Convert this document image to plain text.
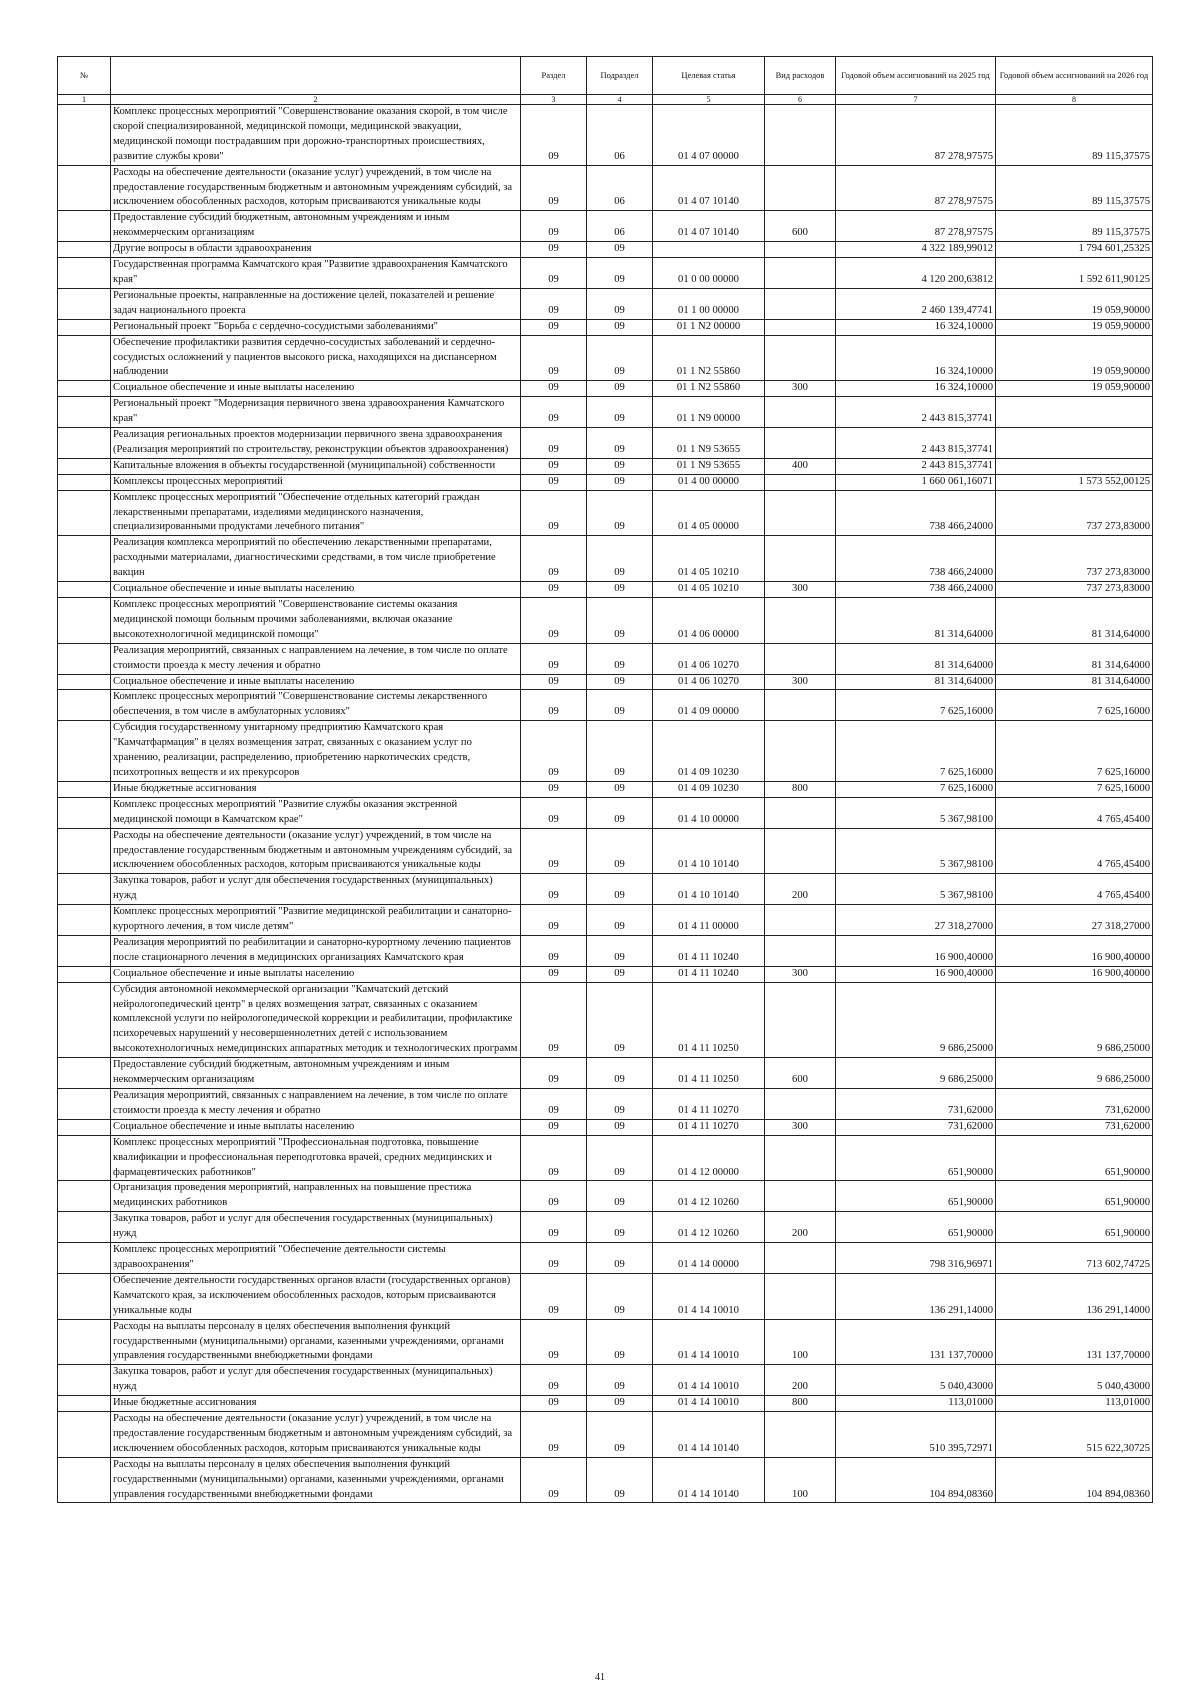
№		Раздел	Подраздел	Целевая статья	Вид расходов	Годовой объем ассигнований на 2025 год	Годовой объем ассигнований на 2026 год
1	2	3	4	5	6	7	8
	Комплекс процессных мероприятий "Совершенствование оказания скорой, в том числе скорой специализированной, медицинской помощи, медицинской эвакуации, медицинской помощи пострадавшим при дорожно-транспортных происшествиях, развитие службы крови"	09	06	01 4 07 00000		87 278,97575	89 115,37575
	Расходы на обеспечение деятельности (оказание услуг) учреждений, в том числе на предоставление государственным бюджетным и автономным учреждениям субсидий, за исключением обособленных расходов, которым присваиваются уникальные коды	09	06	01 4 07 10140		87 278,97575	89 115,37575
	Предоставление субсидий бюджетным, автономным учреждениям и иным некоммерческим организациям	09	06	01 4 07 10140	600	87 278,97575	89 115,37575
	Другие вопросы в области здравоохранения	09	09			4 322 189,99012	1 794 601,25325
	Государственная программа Камчатского края "Развитие здравоохранения Камчатского края"	09	09	01 0 00 00000		4 120 200,63812	1 592 611,90125
	Региональные проекты, направленные на достижение целей, показателей и решение задач национального проекта	09	09	01 1 00 00000		2 460 139,47741	19 059,90000
	Региональный проект "Борьба с сердечно-сосудистыми заболеваниями"	09	09	01 1 N2 00000		16 324,10000	19 059,90000
	Обеспечение профилактики развития сердечно-сосудистых заболеваний и сердечно-сосудистых осложнений у пациентов высокого риска, находящихся на диспансерном наблюдении	09	09	01 1 N2 55860		16 324,10000	19 059,90000
	Социальное обеспечение и иные выплаты населению	09	09	01 1 N2 55860	300	16 324,10000	19 059,90000
	Региональный проект "Модернизация первичного звена здравоохранения Камчатского края"	09	09	01 1 N9 00000		2 443 815,37741	
	Реализация региональных проектов модернизации первичного звена здравоохранения (Реализация мероприятий по строительству, реконструкции объектов здравоохранения)	09	09	01 1 N9 53655		2 443 815,37741	
	Капитальные вложения в объекты государственной (муниципальной) собственности	09	09	01 1 N9 53655	400	2 443 815,37741	
	Комплексы процессных мероприятий	09	09	01 4 00 00000		1 660 061,16071	1 573 552,00125
	Комплекс процессных мероприятий "Обеспечение отдельных категорий граждан лекарственными препаратами, изделиями медицинского назначения, специализированными продуктами лечебного питания"	09	09	01 4 05 00000		738 466,24000	737 273,83000
	Реализация комплекса мероприятий по обеспечению лекарственными препаратами, расходными материалами, диагностическими средствами, в том числе приобретение вакцин	09	09	01 4 05 10210		738 466,24000	737 273,83000
	Социальное обеспечение и иные выплаты населению	09	09	01 4 05 10210	300	738 466,24000	737 273,83000
	Комплекс процессных мероприятий "Совершенствование системы оказания медицинской помощи больным прочими заболеваниями, включая оказание высокотехнологичной медицинской помощи"	09	09	01 4 06 00000		81 314,64000	81 314,64000
	Реализация мероприятий, связанных с направлением на лечение, в том числе по оплате стоимости проезда к месту лечения и обратно	09	09	01 4 06 10270		81 314,64000	81 314,64000
	Социальное обеспечение и иные выплаты населению	09	09	01 4 06 10270	300	81 314,64000	81 314,64000
	Комплекс процессных мероприятий "Совершенствование системы лекарственного обеспечения, в том числе в амбулаторных условиях"	09	09	01 4 09 00000		7 625,16000	7 625,16000
	Субсидия государственному унитарному предприятию Камчатского края "Камчатфармация" в целях возмещения затрат, связанных с оказанием услуг по хранению, реализации, распределению, приобретению наркотических средств, психотропных веществ и их прекурсоров	09	09	01 4 09 10230		7 625,16000	7 625,16000
	Иные бюджетные ассигнования	09	09	01 4 09 10230	800	7 625,16000	7 625,16000
	Комплекс процессных мероприятий "Развитие службы оказания экстренной медицинской помощи в Камчатском крае"	09	09	01 4 10 00000		5 367,98100	4 765,45400
	Расходы на обеспечение деятельности (оказание услуг) учреждений, в том числе на предоставление государственным бюджетным и автономным учреждениям субсидий, за исключением обособленных расходов, которым присваиваются уникальные коды	09	09	01 4 10 10140		5 367,98100	4 765,45400
	Закупка товаров, работ и услуг для обеспечения государственных (муниципальных) нужд	09	09	01 4 10 10140	200	5 367,98100	4 765,45400
	Комплекс процессных мероприятий "Развитие медицинской реабилитации и санаторно-курортного лечения, в том числе детям"	09	09	01 4 11 00000		27 318,27000	27 318,27000
	Реализация мероприятий по реабилитации и санаторно-курортному лечению пациентов после стационарного лечения в медицинских организациях Камчатского края	09	09	01 4 11 10240		16 900,40000	16 900,40000
	Социальное обеспечение и иные выплаты населению	09	09	01 4 11 10240	300	16 900,40000	16 900,40000
	Субсидия автономной некоммерческой организации "Камчатский детский нейрологопедический центр" в целях возмещения затрат, связанных с оказанием комплексной услуги по нейрологопедической коррекции и реабилитации, профилактике психоречевых нарушений у несовершеннолетних детей с использованием высокотехнологичных немедицинских аппаратных методик и технологических программ	09	09	01 4 11 10250		9 686,25000	9 686,25000
	Предоставление субсидий бюджетным, автономным учреждениям и иным некоммерческим организациям	09	09	01 4 11 10250	600	9 686,25000	9 686,25000
	Реализация мероприятий, связанных с направлением на лечение, в том числе по оплате стоимости проезда к месту лечения и обратно	09	09	01 4 11 10270		731,62000	731,62000
	Социальное обеспечение и иные выплаты населению	09	09	01 4 11 10270	300	731,62000	731,62000
	Комплекс процессных мероприятий "Профессиональная подготовка, повышение квалификации и профессиональная переподготовка врачей, средних медицинских и фармацевтических работников"	09	09	01 4 12 00000		651,90000	651,90000
	Организация проведения мероприятий, направленных на повышение престижа медицинских работников	09	09	01 4 12 10260		651,90000	651,90000
	Закупка товаров, работ и услуг для обеспечения государственных (муниципальных) нужд	09	09	01 4 12 10260	200	651,90000	651,90000
	Комплекс процессных мероприятий "Обеспечение деятельности системы здравоохранения"	09	09	01 4 14 00000		798 316,96971	713 602,74725
	Обеспечение деятельности государственных органов власти (государственных органов) Камчатского края, за исключением обособленных расходов, которым присваиваются уникальные коды	09	09	01 4 14 10010		136 291,14000	136 291,14000
	Расходы на выплаты персоналу в целях обеспечения выполнения функций государственными (муниципальными) органами, казенными учреждениями, органами управления государственными внебюджетными фондами	09	09	01 4 14 10010	100	131 137,70000	131 137,70000
	Закупка товаров, работ и услуг для обеспечения государственных (муниципальных) нужд	09	09	01 4 14 10010	200	5 040,43000	5 040,43000
	Иные бюджетные ассигнования	09	09	01 4 14 10010	800	113,01000	113,01000
	Расходы на обеспечение деятельности (оказание услуг) учреждений, в том числе на предоставление государственным бюджетным и автономным учреждениям субсидий, за исключением обособленных расходов, которым присваиваются уникальные коды	09	09	01 4 14 10140		510 395,72971	515 622,30725
	Расходы на выплаты персоналу в целях обеспечения выполнения функций государственными (муниципальными) органами, казенными учреждениями, органами управления государственными внебюджетными фондами	09	09	01 4 14 10140	100	104 894,08360	104 894,08360
41
